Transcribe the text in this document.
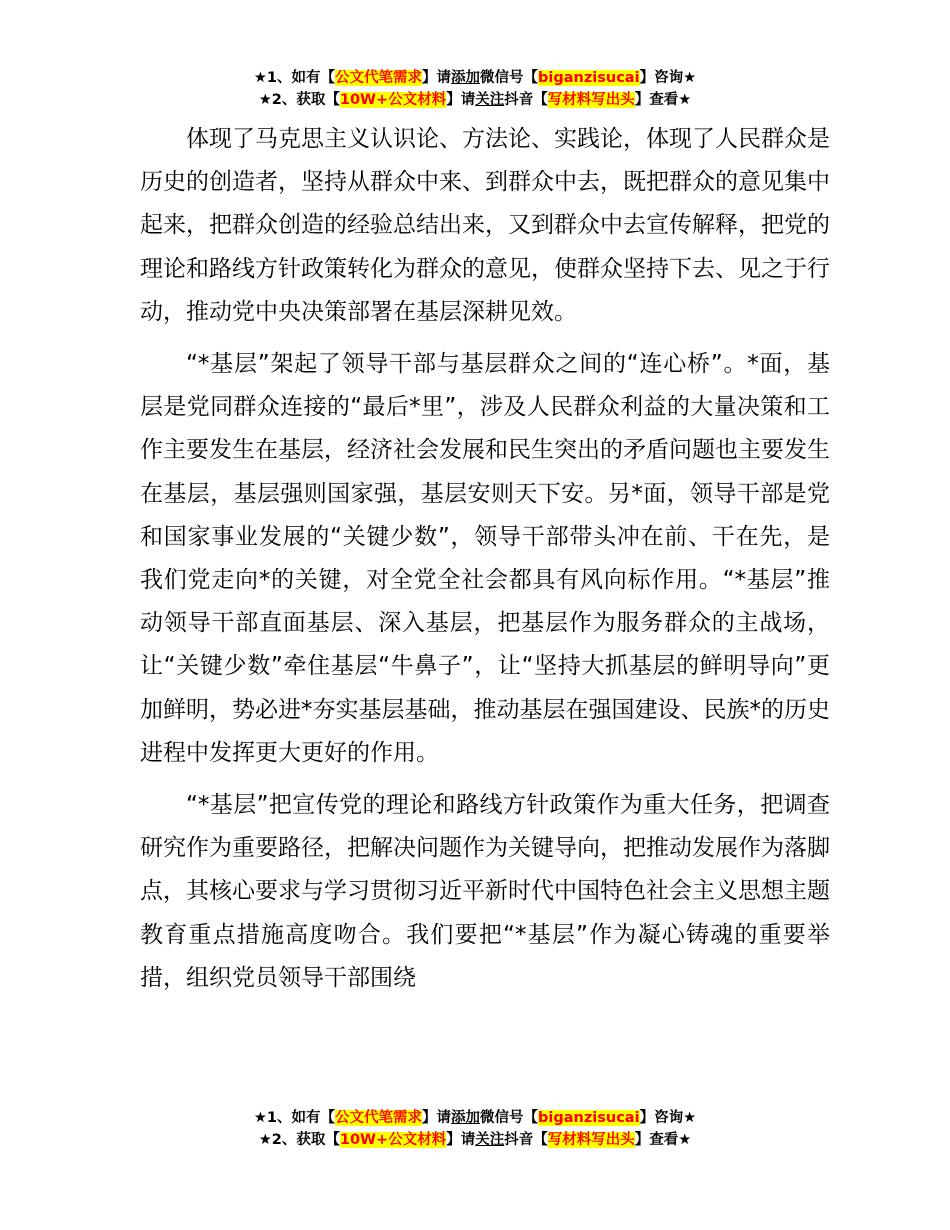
★1、如有【公文代笔需求】请添加微信号【biganzisucai】咨询★
★2、获取【10W+公文材料】请关注抖音【写材料写出头】查看★

体现了马克思主义认识论、方法论、实践论，体现了人民群众是历史的创造者，坚持从群众中来、到群众中去，既把群众的意见集中起来，把群众创造的经验总结出来，又到群众中去宣传解释，把党的理论和路线方针政策转化为群众的意见，使群众坚持下去、见之于行动，推动党中央决策部署在基层深耕见效。

“*基层”架起了领导干部与基层群众之间的“连心桥”。*面，基层是党同群众连接的“最后*里”，涉及人民群众利益的大量决策和工作主要发生在基层，经济社会发展和民生突出的矛盾问题也主要发生在基层，基层强则国家强，基层安则天下安。另*面，领导干部是党和国家事业发展的“关键少数”，领导干部带头冲在前、干在先，是我们党走向*的关键，对全党全社会都具有风向标作用。“*基层”推动领导干部直面基层、深入基层，把基层作为服务群众的主战场，让“关键少数”牵住基层“牛鼻子”，让“坚持大抓基层的鲜明导向”更加鲜明，势必进*夯实基层基础，推动基层在强国建设、民族*的历史进程中发挥更大更好的作用。

“*基层”把宣传党的理论和路线方针政策作为重大任务，把调查研究作为重要路径，把解决问题作为关键导向，把推动发展作为落脚点，其核心要求与学习贯彻习近平新时代中国特色社会主义思想主题教育重点措施高度吻合。我们要把“*基层”作为凝心铸魂的重要举措，组织党员领导干部围绕

★1、如有【公文代笔需求】请添加微信号【biganzisucai】咨询★
★2、获取【10W+公文材料】请关注抖音【写材料写出头】查看★
